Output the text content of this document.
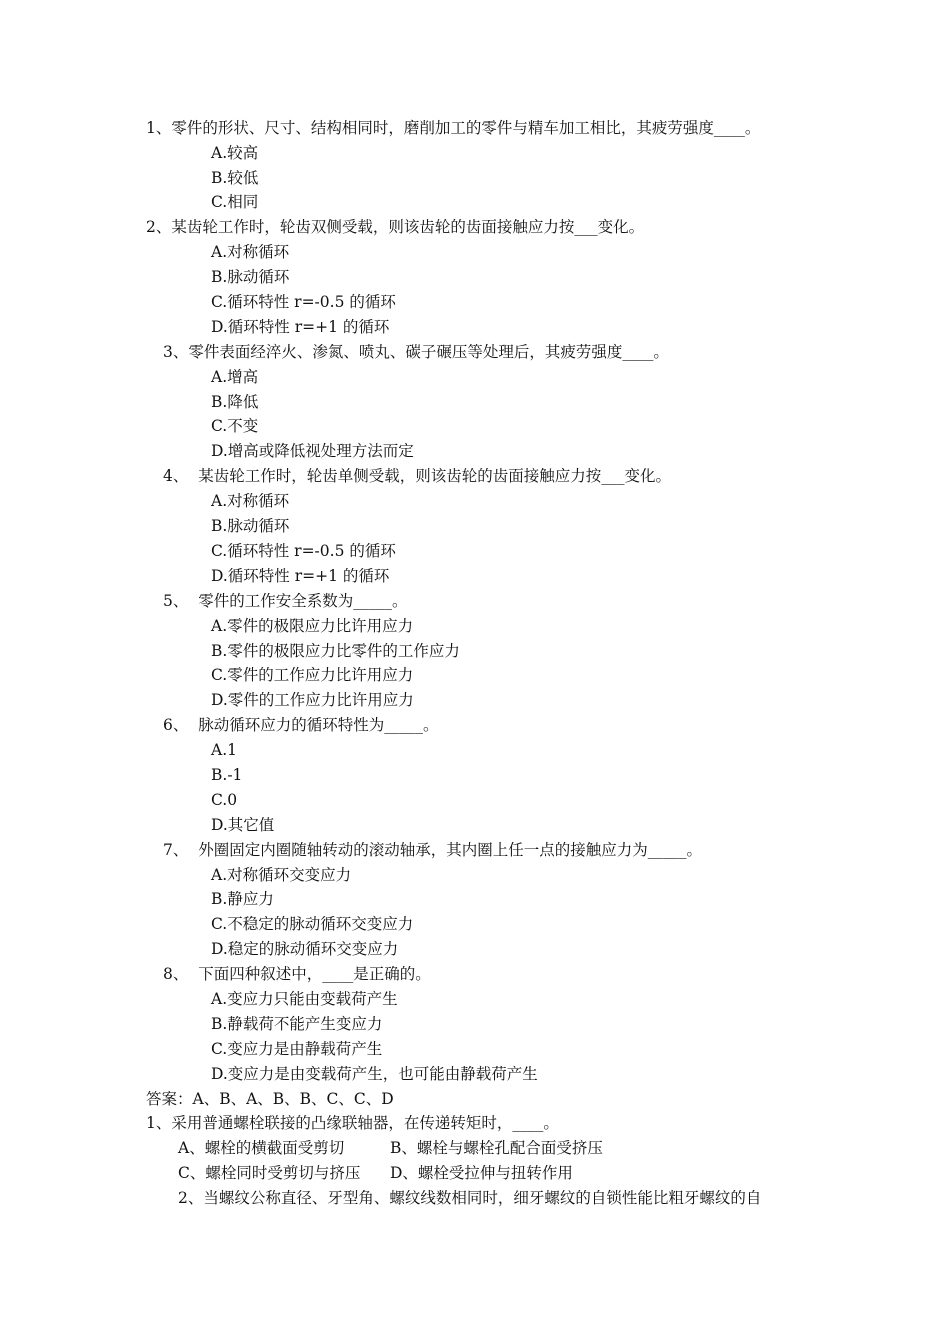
1、零件的形状、尺寸、结构相同时，磨削加工的零件与精车加工相比，其疲劳强度____。
A.较高
B.较低
C.相同
2、某齿轮工作时，轮齿双侧受载，则该齿轮的齿面接触应力按___变化。
A.对称循环
B.脉动循环
C.循环特性 r=-0.5 的循环
D.循环特性 r=+1 的循环
3、零件表面经淬火、渗氮、喷丸、碳子碾压等处理后，其疲劳强度____。
A.增高
B.降低
C.不变
D.增高或降低视处理方法而定
4、  某齿轮工作时，轮齿单侧受载，则该齿轮的齿面接触应力按___变化。
A.对称循环
B.脉动循环
C.循环特性 r=-0.5 的循环
D.循环特性 r=+1 的循环
5、  零件的工作安全系数为_____。
A.零件的极限应力比许用应力
B.零件的极限应力比零件的工作应力
C.零件的工作应力比许用应力
D.零件的工作应力比许用应力
6、  脉动循环应力的循环特性为_____。
A.1
B.-1
C.0
D.其它值
7、  外圈固定内圈随轴转动的滚动轴承，其内圈上任一点的接触应力为_____。
A.对称循环交变应力
B.静应力
C.不稳定的脉动循环交变应力
D.稳定的脉动循环交变应力
8、  下面四种叙述中，____是正确的。
A.变应力只能由变载荷产生
B.静载荷不能产生变应力
C.变应力是由静载荷产生
D.变应力是由变载荷产生，也可能由静载荷产生
答案：A、B、A、B、B、C、C、D
1、采用普通螺栓联接的凸缘联轴器，在传递转矩时，____。
A、螺栓的横截面受剪切	B、螺栓与螺栓孔配合面受挤压
C、螺栓同时受剪切与挤压 D、螺栓受拉伸与扭转作用
2、当螺纹公称直径、牙型角、螺纹线数相同时，细牙螺纹的自锁性能比粗牙螺纹的自
